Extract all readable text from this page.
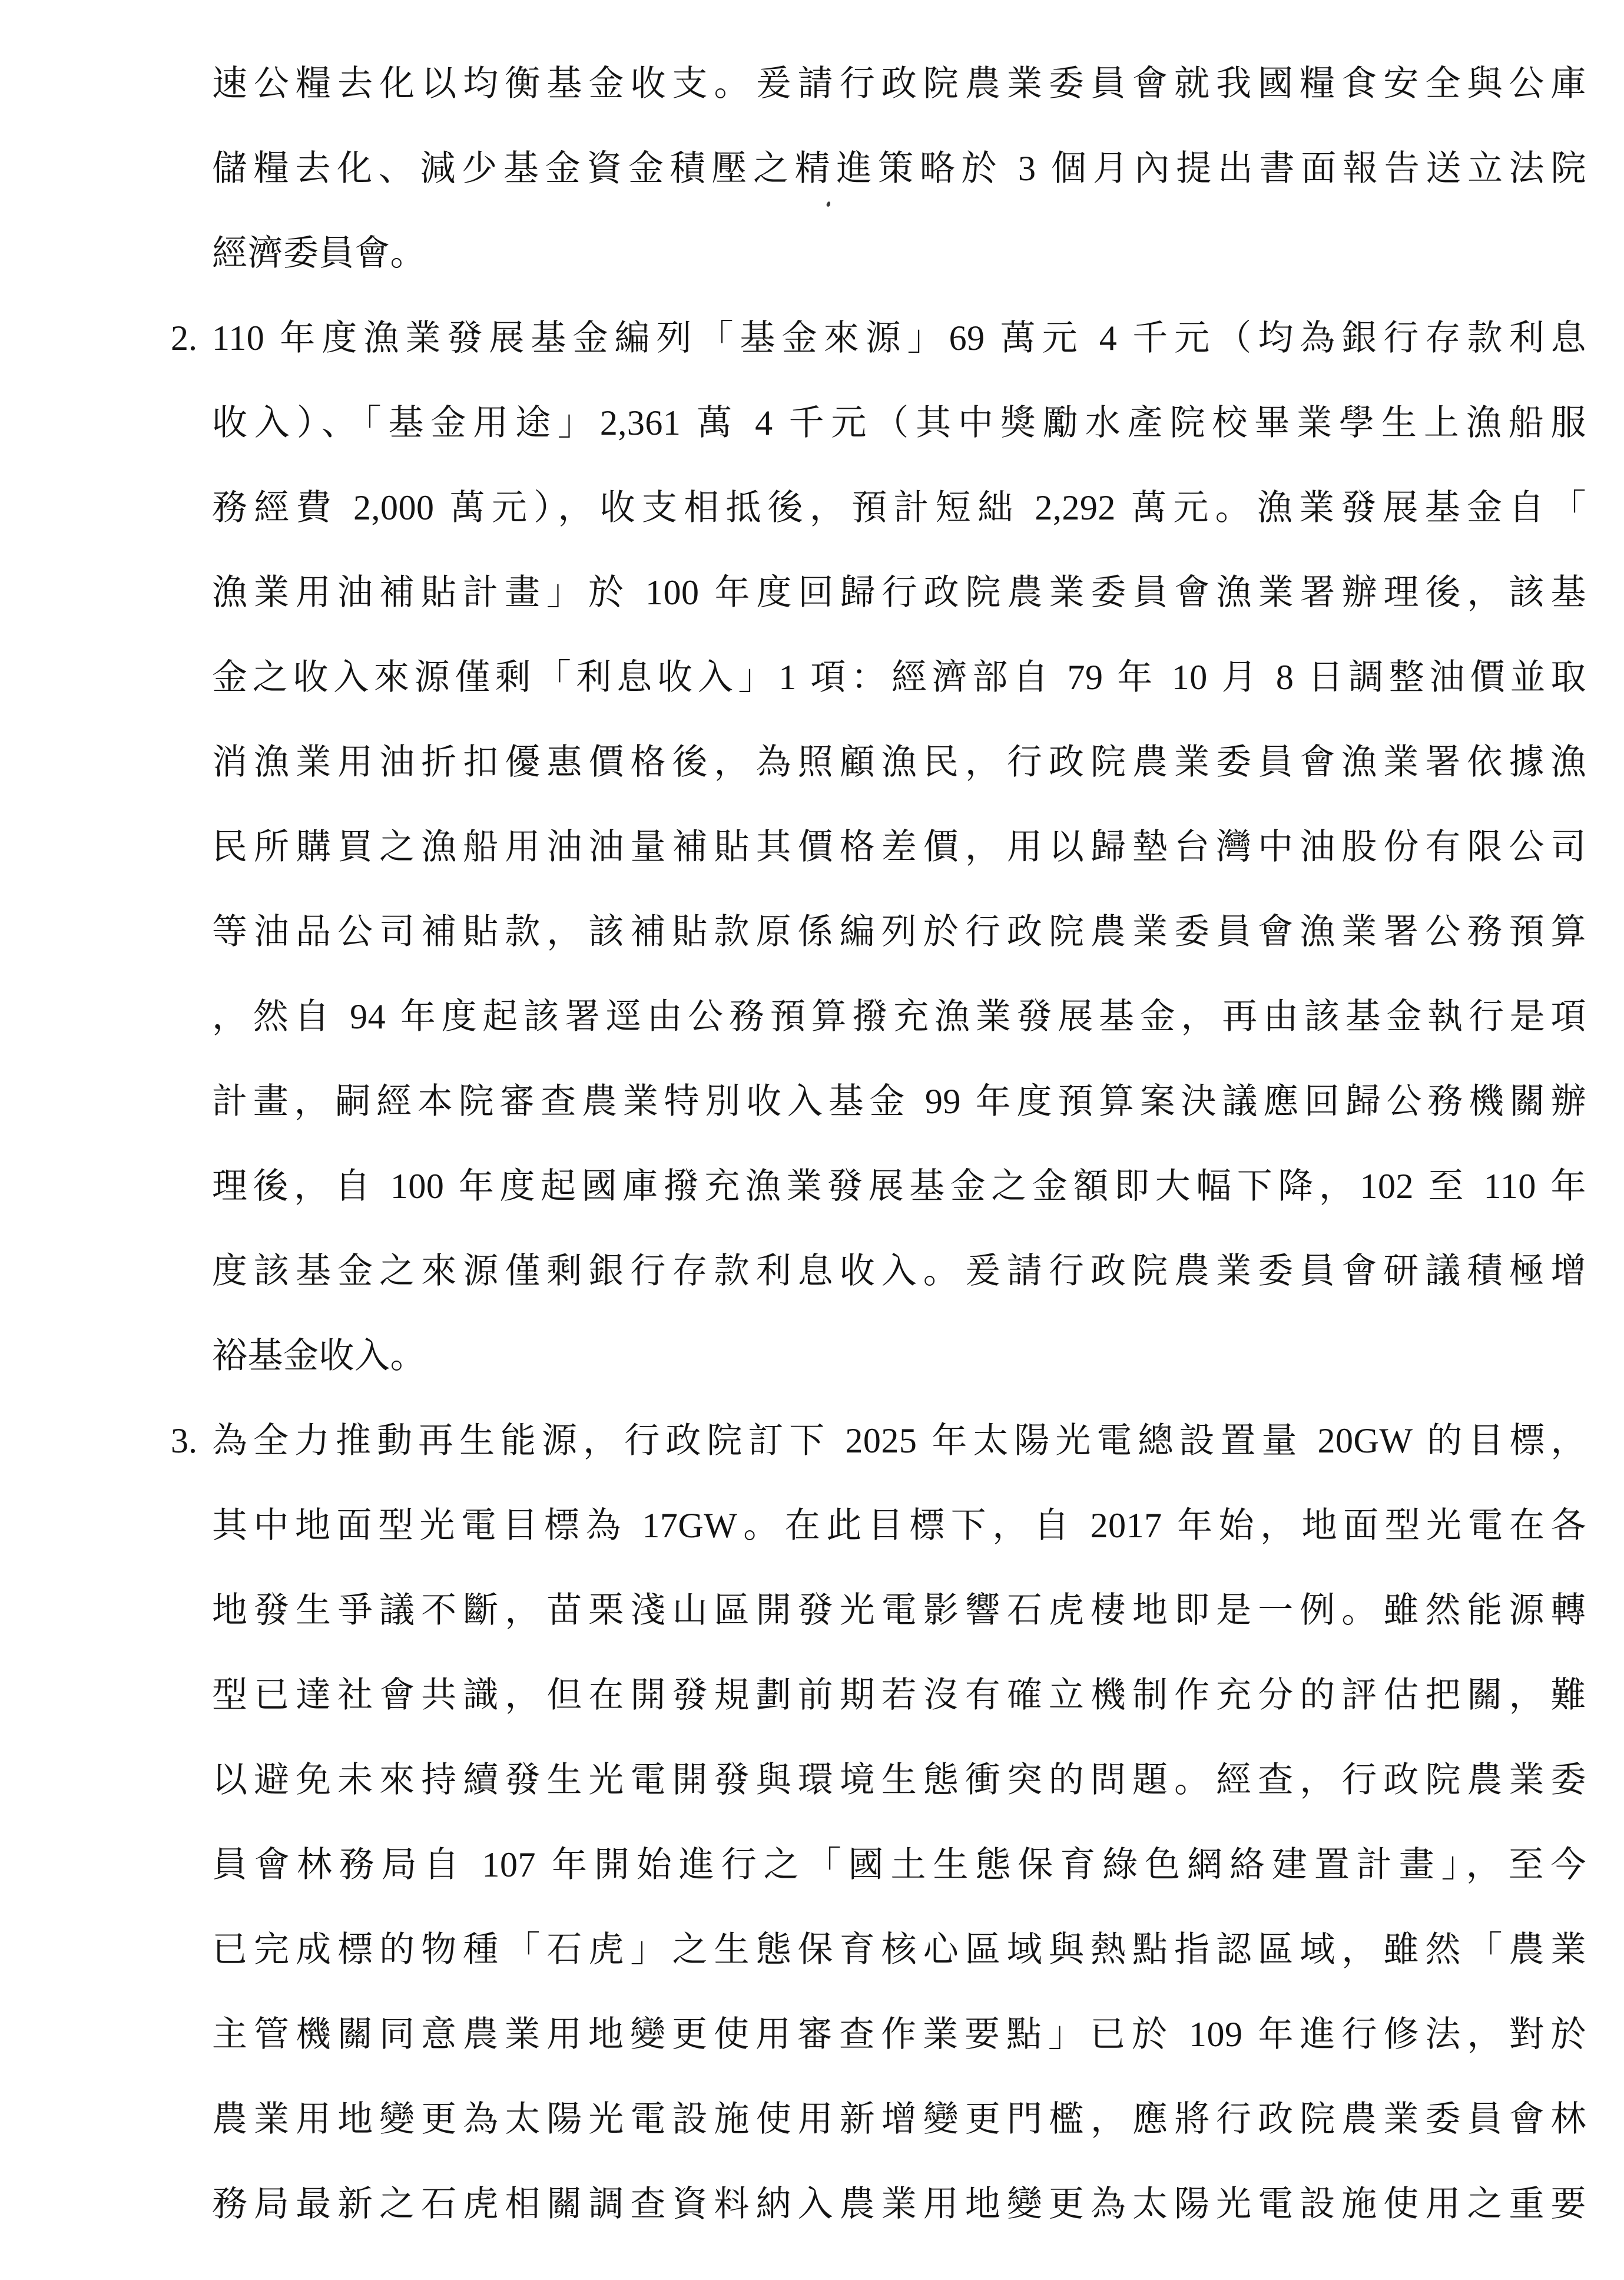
速公糧去化以均衡基金收支。爰請行政院農業委員會就我國糧食安全與公庫
儲糧去化、減少基金資金積壓之精進策略於 3 個月內提出書面報告送立法院
經濟委員會。
2. 110 年度漁業發展基金編列「基金來源」69 萬元 4 千元（均為銀行存款利息
收入）、「基金用途」2,361 萬 4 千元（其中獎勵水產院校畢業學生上漁船服
務經費 2,000 萬元），收支相抵後，預計短絀 2,292 萬元。漁業發展基金自「
漁業用油補貼計畫」於 100 年度回歸行政院農業委員會漁業署辦理後，該基
金之收入來源僅剩「利息收入」1 項：經濟部自 79 年 10 月 8 日調整油價並取
消漁業用油折扣優惠價格後，為照顧漁民，行政院農業委員會漁業署依據漁
民所購買之漁船用油油量補貼其價格差價，用以歸墊台灣中油股份有限公司
等油品公司補貼款，該補貼款原係編列於行政院農業委員會漁業署公務預算
，然自 94 年度起該署逕由公務預算撥充漁業發展基金，再由該基金執行是項
計畫，嗣經本院審查農業特別收入基金 99 年度預算案決議應回歸公務機關辦
理後，自 100 年度起國庫撥充漁業發展基金之金額即大幅下降，102 至 110 年
度該基金之來源僅剩銀行存款利息收入。爰請行政院農業委員會研議積極增
裕基金收入。
3. 為全力推動再生能源，行政院訂下 2025 年太陽光電總設置量 20GW 的目標，
其中地面型光電目標為 17GW。在此目標下，自 2017 年始，地面型光電在各
地發生爭議不斷，苗栗淺山區開發光電影響石虎棲地即是一例。雖然能源轉
型已達社會共識，但在開發規劃前期若沒有確立機制作充分的評估把關，難
以避免未來持續發生光電開發與環境生態衝突的問題。經查，行政院農業委
員會林務局自 107 年開始進行之「國土生態保育綠色網絡建置計畫」，至今
已完成標的物種「石虎」之生態保育核心區域與熱點指認區域，雖然「農業
主管機關同意農業用地變更使用審查作業要點」已於 109 年進行修法，對於
農業用地變更為太陽光電設施使用新增變更門檻，應將行政院農業委員會林
務局最新之石虎相關調查資料納入農業用地變更為太陽光電設施使用之重要
